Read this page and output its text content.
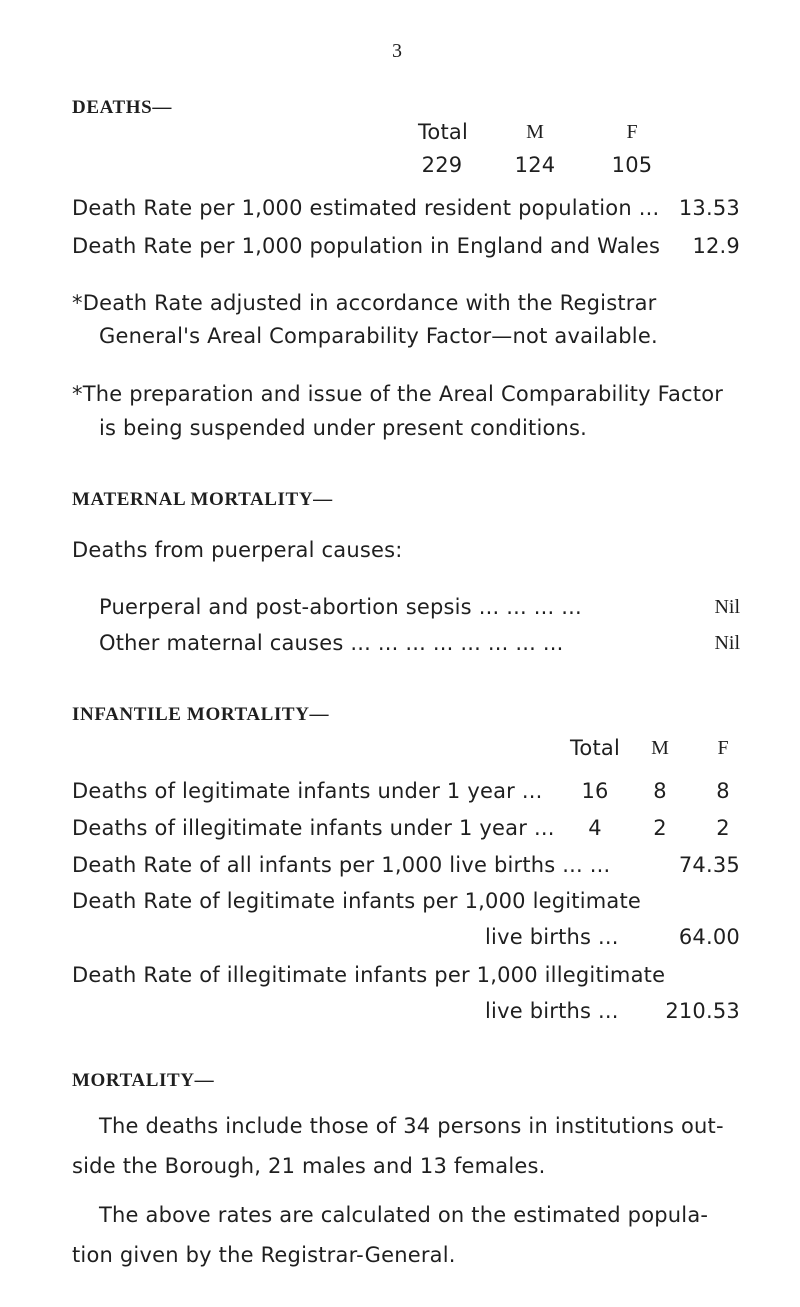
3
DEATHS—
Total	M	F
229	124	105
Death Rate per 1,000 estimated resident population ... 13.53
Death Rate per 1,000 population in England and Wales	12.9
*Death Rate adjusted in accordance with the Registrar
General's Areal Comparability Factor—not available.
*The preparation and issue of the Areal Comparability Factor
is being suspended under present conditions.
MATERNAL MORTALITY—
Deaths from puerperal causes:
Puerperal and post-abortion sepsis ... ... ... ...	Nil
Other maternal causes ... ... ... ... ... ... ... ...	Nil
INFANTILE MORTALITY—
Total	M	F
Deaths of legitimate infants under 1 year ...	16	8	8
Deaths of illegitimate infants under 1 year ...	4	2	2
Death Rate of all infants per 1,000 live births ... ...	74.35
Death Rate of legitimate infants per 1,000 legitimate
live births ...	64.00
Death Rate of illegitimate infants per 1,000 illegitimate
live births ...	210.53
MORTALITY—
The deaths include those of 34 persons in institutions out-side the Borough, 21 males and 13 females.
The above rates are calculated on the estimated popula-tion given by the Registrar-General.
